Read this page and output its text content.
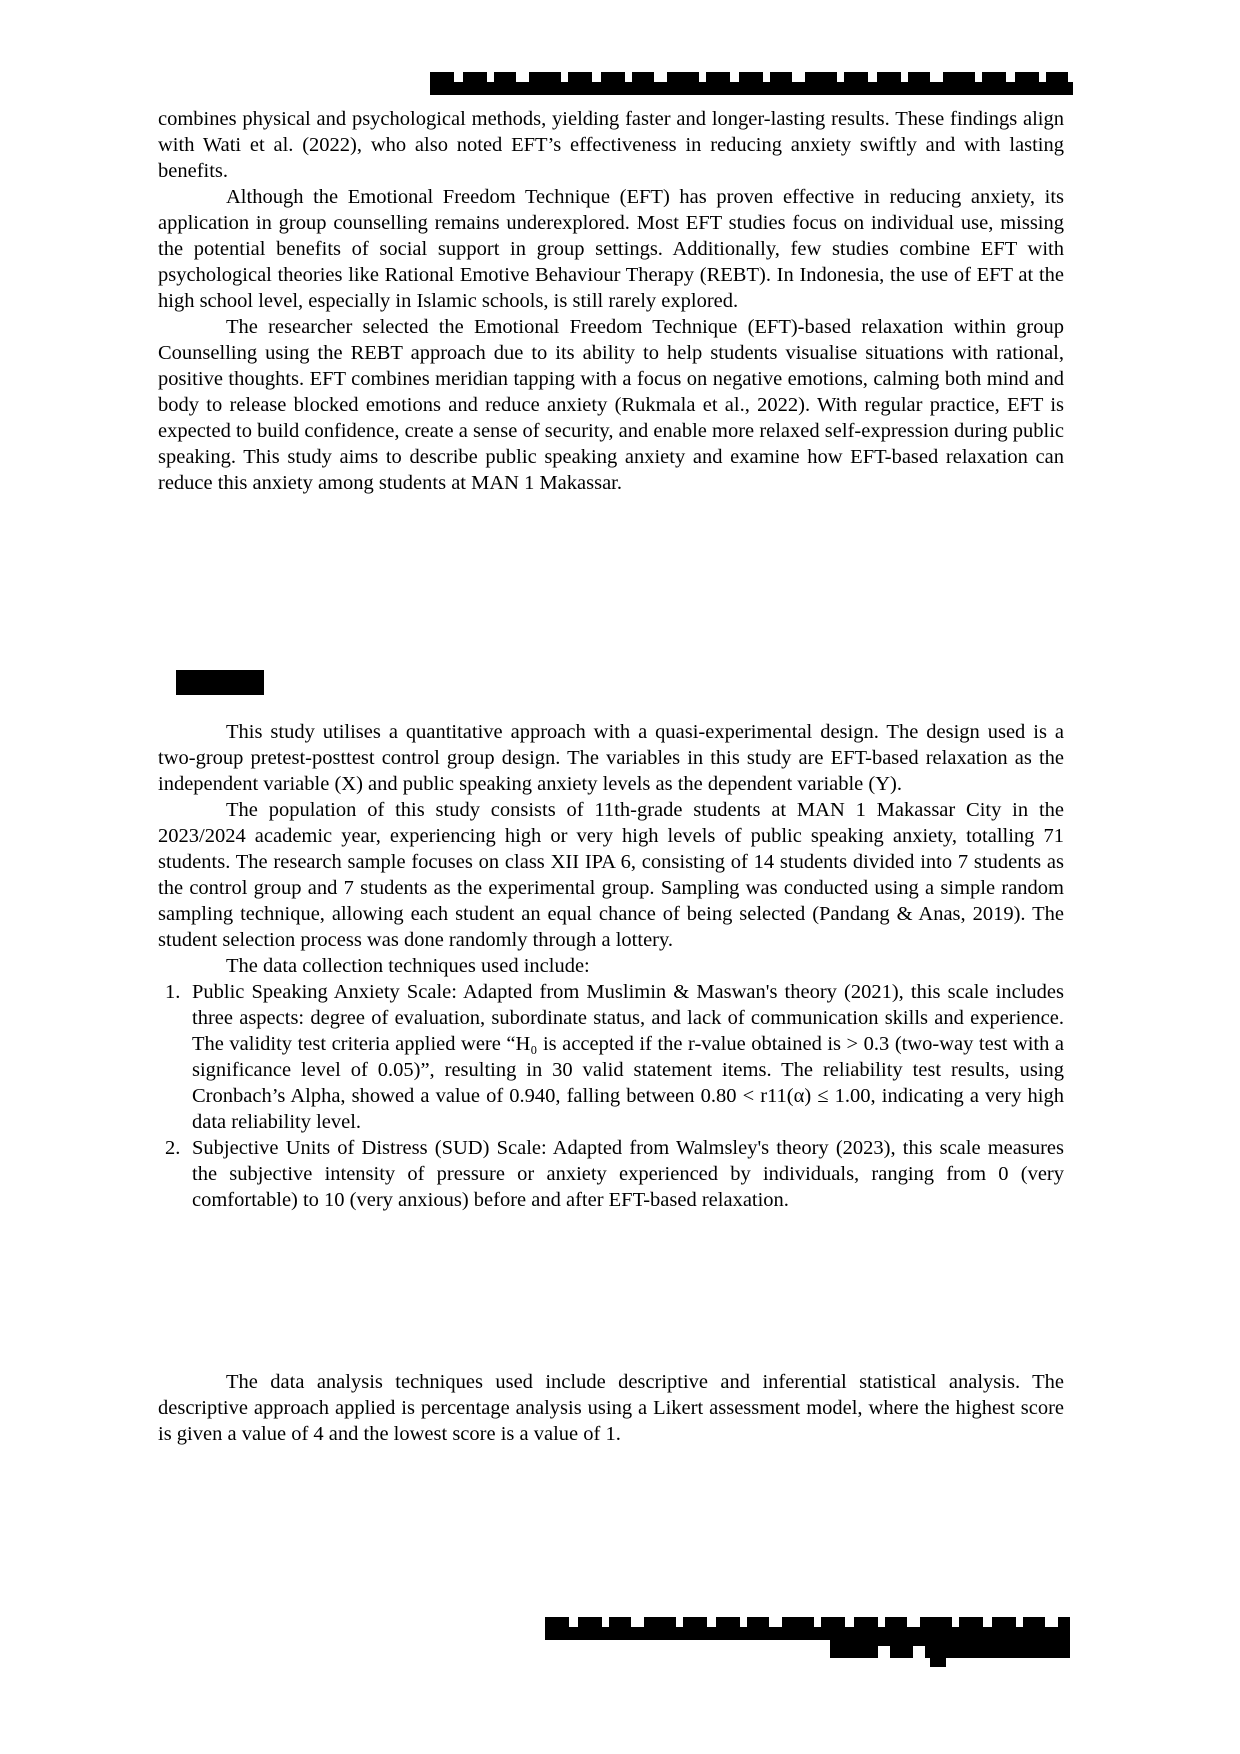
combines physical and psychological methods, yielding faster and longer-lasting results. These findings align with Wati et al. (2022), who also noted EFT’s effectiveness in reducing anxiety swiftly and with lasting benefits.

Although the Emotional Freedom Technique (EFT) has proven effective in reducing anxiety, its application in group counselling remains underexplored. Most EFT studies focus on individual use, missing the potential benefits of social support in group settings. Additionally, few studies combine EFT with psychological theories like Rational Emotive Behaviour Therapy (REBT). In Indonesia, the use of EFT at the high school level, especially in Islamic schools, is still rarely explored.

The researcher selected the Emotional Freedom Technique (EFT)-based relaxation within group Counselling using the REBT approach due to its ability to help students visualise situations with rational, positive thoughts. EFT combines meridian tapping with a focus on negative emotions, calming both mind and body to release blocked emotions and reduce anxiety (Rukmala et al., 2022). With regular practice, EFT is expected to build confidence, create a sense of security, and enable more relaxed self-expression during public speaking. This study aims to describe public speaking anxiety and examine how EFT-based relaxation can reduce this anxiety among students at MAN 1 Makassar.

This study utilises a quantitative approach with a quasi-experimental design. The design used is a two-group pretest-posttest control group design. The variables in this study are EFT-based relaxation as the independent variable (X) and public speaking anxiety levels as the dependent variable (Y).

The population of this study consists of 11th-grade students at MAN 1 Makassar City in the 2023/2024 academic year, experiencing high or very high levels of public speaking anxiety, totalling 71 students. The research sample focuses on class XII IPA 6, consisting of 14 students divided into 7 students as the control group and 7 students as the experimental group. Sampling was conducted using a simple random sampling technique, allowing each student an equal chance of being selected (Pandang & Anas, 2019). The student selection process was done randomly through a lottery.

The data collection techniques used include:

1. Public Speaking Anxiety Scale: Adapted from Muslimin & Maswan's theory (2021), this scale includes three aspects: degree of evaluation, subordinate status, and lack of communication skills and experience. The validity test criteria applied were “H₀ is accepted if the r-value obtained is > 0.3 (two-way test with a significance level of 0.05)”, resulting in 30 valid statement items. The reliability test results, using Cronbach’s Alpha, showed a value of 0.940, falling between 0.80 < r11(α) ≤ 1.00, indicating a very high data reliability level.
2. Subjective Units of Distress (SUD) Scale: Adapted from Walmsley's theory (2023), this scale measures the subjective intensity of pressure or anxiety experienced by individuals, ranging from 0 (very comfortable) to 10 (very anxious) before and after EFT-based relaxation.

The data analysis techniques used include descriptive and inferential statistical analysis. The descriptive approach applied is percentage analysis using a Likert assessment model, where the highest score is given a value of 4 and the lowest score is a value of 1.
